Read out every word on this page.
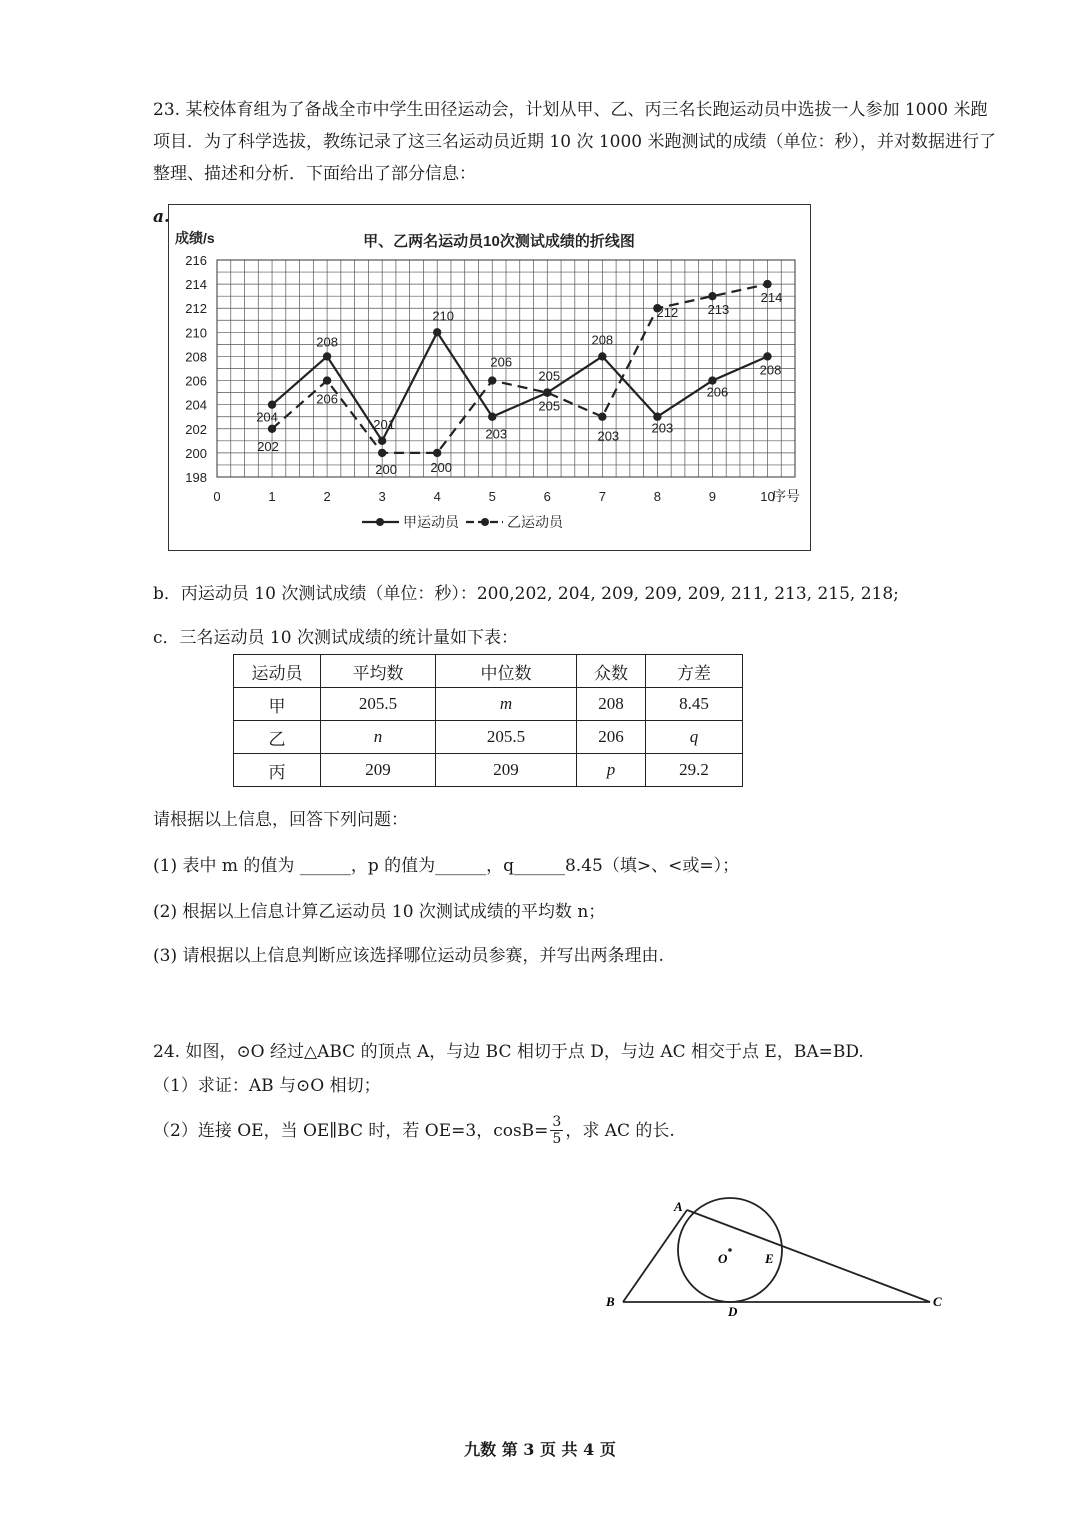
23. 某校体育组为了备战全市中学生田径运动会，计划从甲、乙、丙三名长跑运动员中选拔一人参加 1000 米跑
项目．为了科学选拔，教练记录了这三名运动员近期 10 次 1000 米跑测试的成绩（单位：秒），并对数据进行了
整理、描述和分析．下面给出了部分信息：
a.
甲、乙两名运动员10次测试成绩的折线图
成绩/s
序号
198
200
202
204
206
208
210
212
214
216
0	1	2	3	4	5	6	7	8	9	10
204
208
201
210
203
205
208
203
206
208
202
206
200	200
206
205
203
212 213
214
甲运动员	乙运动员
b．丙运动员 10 次测试成绩（单位：秒）：200,202, 204, 209, 209, 209, 211, 213, 215, 218;
c．三名运动员 10 次测试成绩的统计量如下表：
运动员	平均数	中位数	众数	方差
甲	205.5	m	208	8.45
乙	n	205.5	206	q
丙	209	209	p	29.2
请根据以上信息，回答下列问题：
(1) 表中 m 的值为 ______，p 的值为______，q______8.45（填>、<或=）；
(2) 根据以上信息计算乙运动员 10 次测试成绩的平均数 n；
(3) 请根据以上信息判断应该选择哪位运动员参赛，并写出两条理由.
24. 如图，⊙O 经过△ABC 的顶点 A，与边 BC 相切于点 D，与边 AC 相交于点 E，BA=BD.
（1）求证：AB 与⊙O 相切；
（2）连接 OE，当 OE∥BC 时，若 OE=3，$\cos B= \frac{3}{5}$ ，求 AC 的长.
A
B	C
D
E
O
九数 第 3 页 共 4 页
